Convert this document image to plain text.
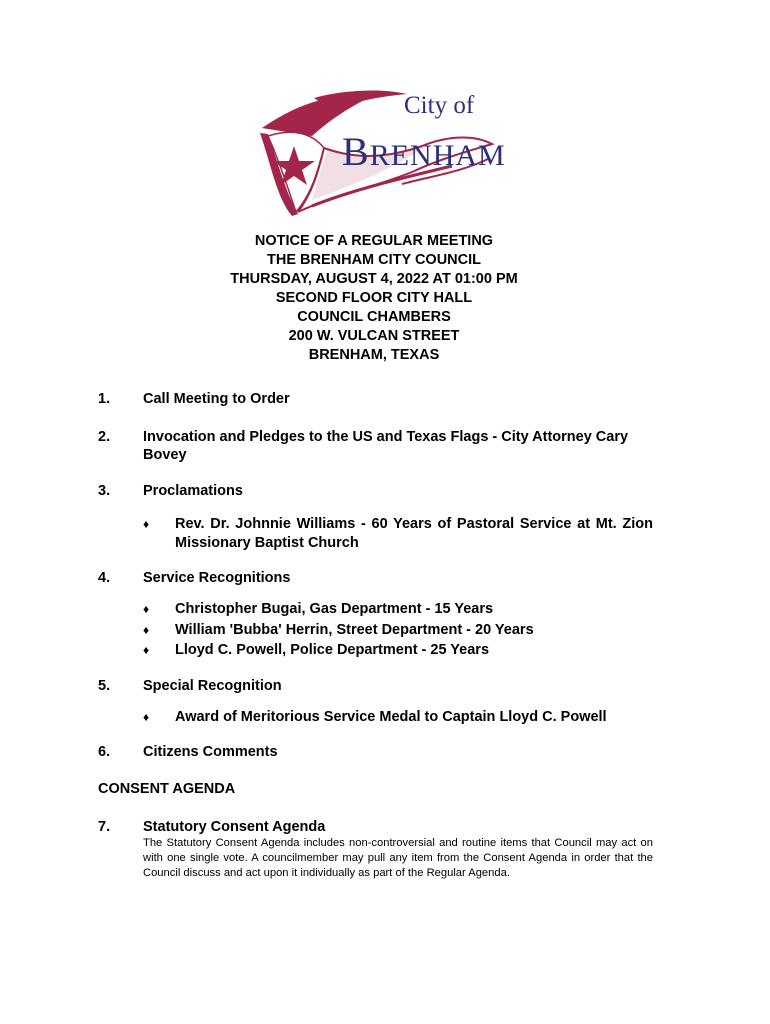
City of
BRENHAM
NOTICE OF A REGULAR MEETING
THE BRENHAM CITY COUNCIL
THURSDAY, AUGUST 4, 2022 AT 01:00 PM
SECOND FLOOR CITY HALL
COUNCIL CHAMBERS
200 W. VULCAN STREET
BRENHAM, TEXAS
1.	Call Meeting to Order
2.	Invocation and Pledges to the US and Texas Flags - City Attorney Cary Bovey
3.	Proclamations
♦ Rev. Dr. Johnnie Williams - 60 Years of Pastoral Service at Mt. Zion Missionary Baptist Church
4.	Service Recognitions
♦ Christopher Bugai, Gas Department - 15 Years
♦ William 'Bubba' Herrin, Street Department - 20 Years
♦ Lloyd C. Powell, Police Department - 25 Years
5.	Special Recognition
♦ Award of Meritorious Service Medal to Captain Lloyd C. Powell
6.	Citizens Comments
CONSENT AGENDA
7.	Statutory Consent Agenda
The Statutory Consent Agenda includes non-controversial and routine items that Council may act on with one single vote. A councilmember may pull any item from the Consent Agenda in order that the Council discuss and act upon it individually as part of the Regular Agenda.
